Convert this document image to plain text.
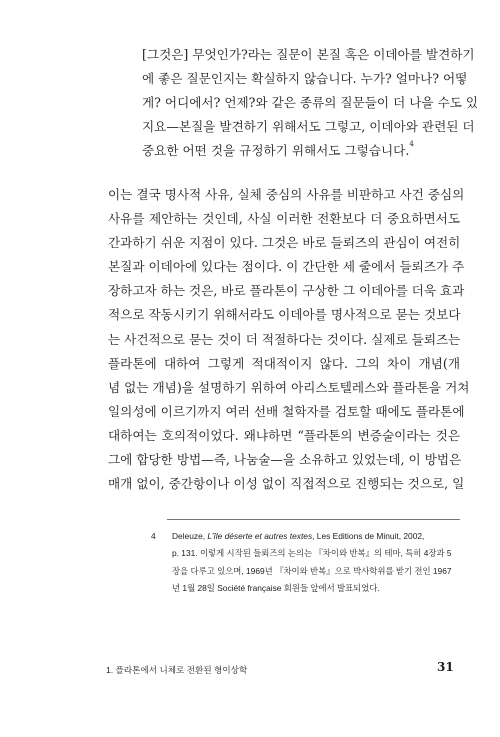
[그것은] 무엇인가?라는 질문이 본질 혹은 이데아를 발견하기
에 좋은 질문인지는 확실하지 않습니다. 누가? 얼마나? 어떻
게? 어디에서? 언제?와 같은 종류의 질문들이 더 나을 수도 있
지요—본질을 발견하기 위해서도 그렇고, 이데아와 관련된 더
중요한 어떤 것을 규정하기 위해서도 그렇습니다.$^4$
이는 결국 명사적 사유, 실체 중심의 사유를 비판하고 사건 중심의
사유를 제안하는 것인데, 사실 이러한 전환보다 더 중요하면서도
간과하기 쉬운 지점이 있다. 그것은 바로 들뢰즈의 관심이 여전히
본질과 이데아에 있다는 점이다. 이 간단한 세 줄에서 들뢰즈가 주
장하고자 하는 것은, 바로 플라톤이 구상한 그 이데아를 더욱 효과
적으로 작동시키기 위해서라도 이데아를 명사적으로 묻는 것보다
는 사건적으로 묻는 것이 더 적절하다는 것이다. 실제로 들뢰즈는
플라톤에 대하여 그렇게 적대적이지 않다. 그의 차이 개념(개
념 없는 개념)을 설명하기 위하여 아리스토텔레스와 플라톤을 거쳐
일의성에 이르기까지 여러 선배 철학자를 검토할 때에도 플라톤에
대하여는 호의적이었다. 왜냐하면 “플라톤의 변증술이라는 것은
그에 합당한 방법—즉, 나눔술—을 소유하고 있었는데, 이 방법은
매개 없이, 중간항이나 이성 없이 직접적으로 진행되는 것으로, 일
4 Deleuze, L’île déserte et autres textes, Les Editions de Minuit, 2002,
p. 131. 이렇게 시작된 들뢰즈의 논의는 『차이와 반복』의 테마, 특히 4장과 5
장을 다루고 있으며, 1969년 『차이와 반복』으로 박사학위를 받기 전인 1967
년 1월 28일 Société française 회원들 앞에서 발표되었다.
1. 플라톤에서 니체로 전환된 형이상학	31
